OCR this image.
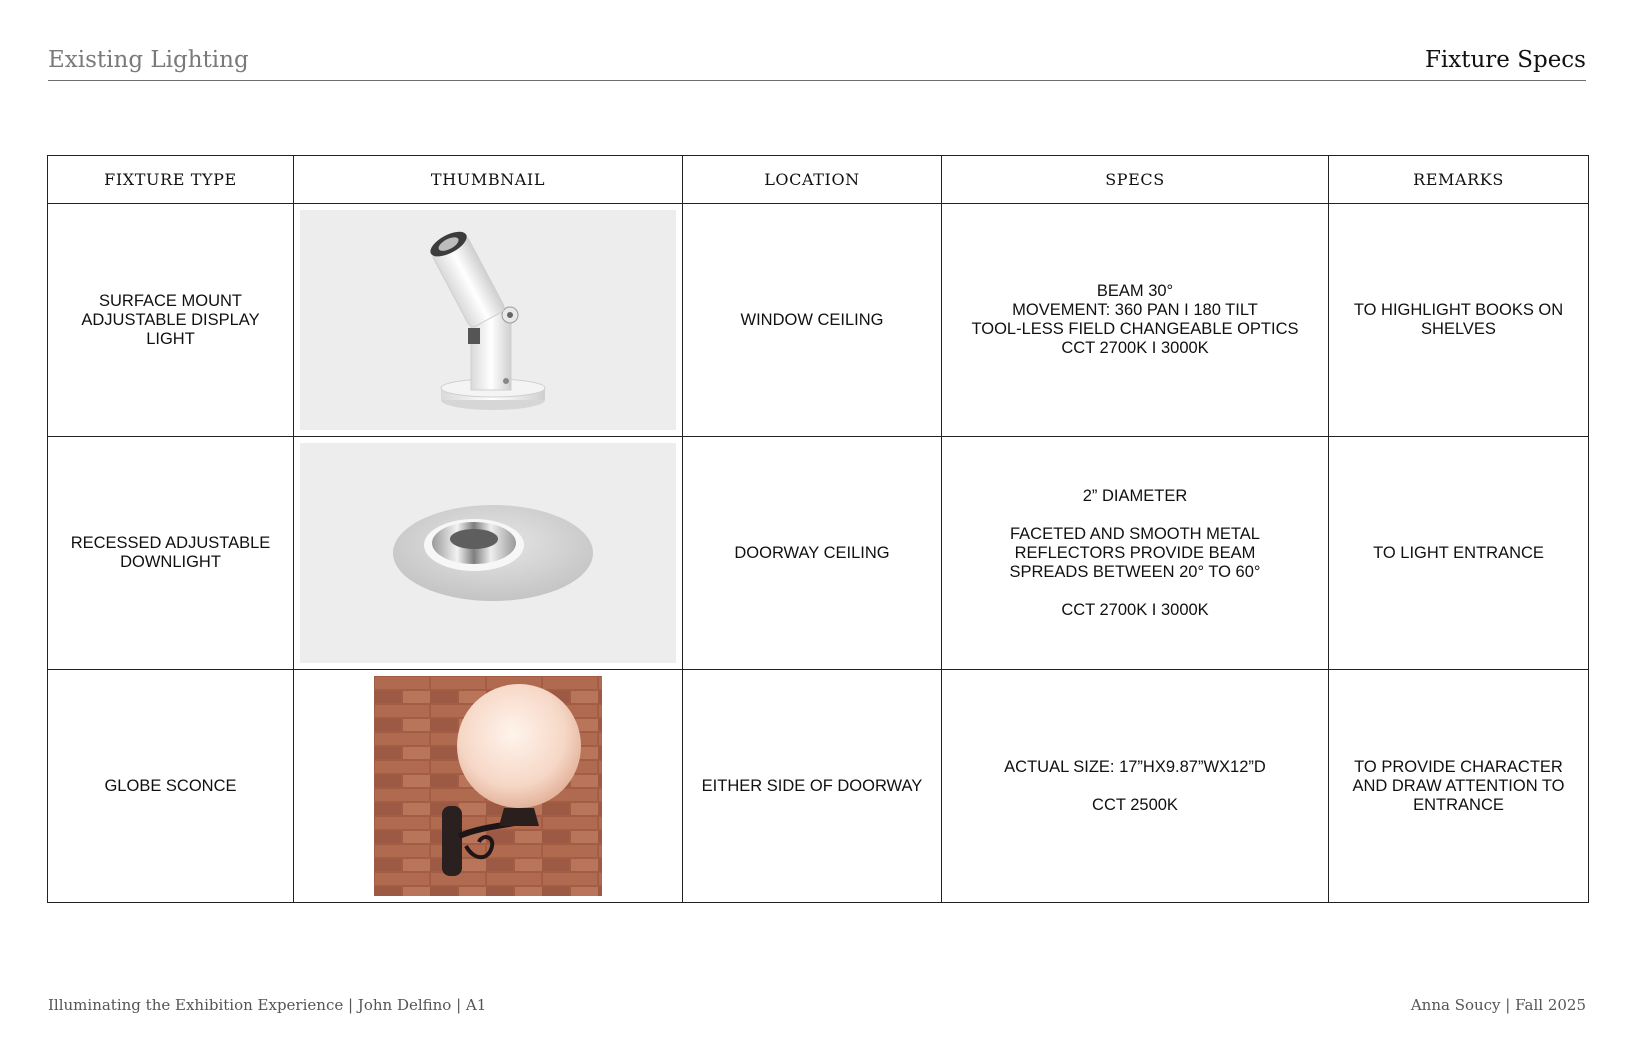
Existing Lighting	Fixture Specs
FIXTURE TYPE	THUMBNAIL	LOCATION	SPECS	REMARKS

SURFACE MOUNT
ADJUSTABLE DISPLAY
LIGHT		WINDOW CEILING	BEAM 30°
MOVEMENT: 360 PAN I 180 TILT
TOOL-LESS FIELD CHANGEABLE OPTICS
CCT 2700K I 3000K	TO HIGHLIGHT BOOKS ON
SHELVES

RECESSED ADJUSTABLE
DOWNLIGHT		DOORWAY CEILING	2” DIAMETER

FACETED AND SMOOTH METAL
REFLECTORS PROVIDE BEAM
SPREADS BETWEEN 20° TO 60°

CCT 2700K I 3000K	TO LIGHT ENTRANCE

GLOBE SCONCE		EITHER SIDE OF DOORWAY	ACTUAL SIZE: 17”HX9.87”WX12”D

CCT 2500K	TO PROVIDE CHARACTER
AND DRAW ATTENTION TO
ENTRANCE
Illuminating the Exhibition Experience | John Delfino | A1	Anna Soucy | Fall 2025
